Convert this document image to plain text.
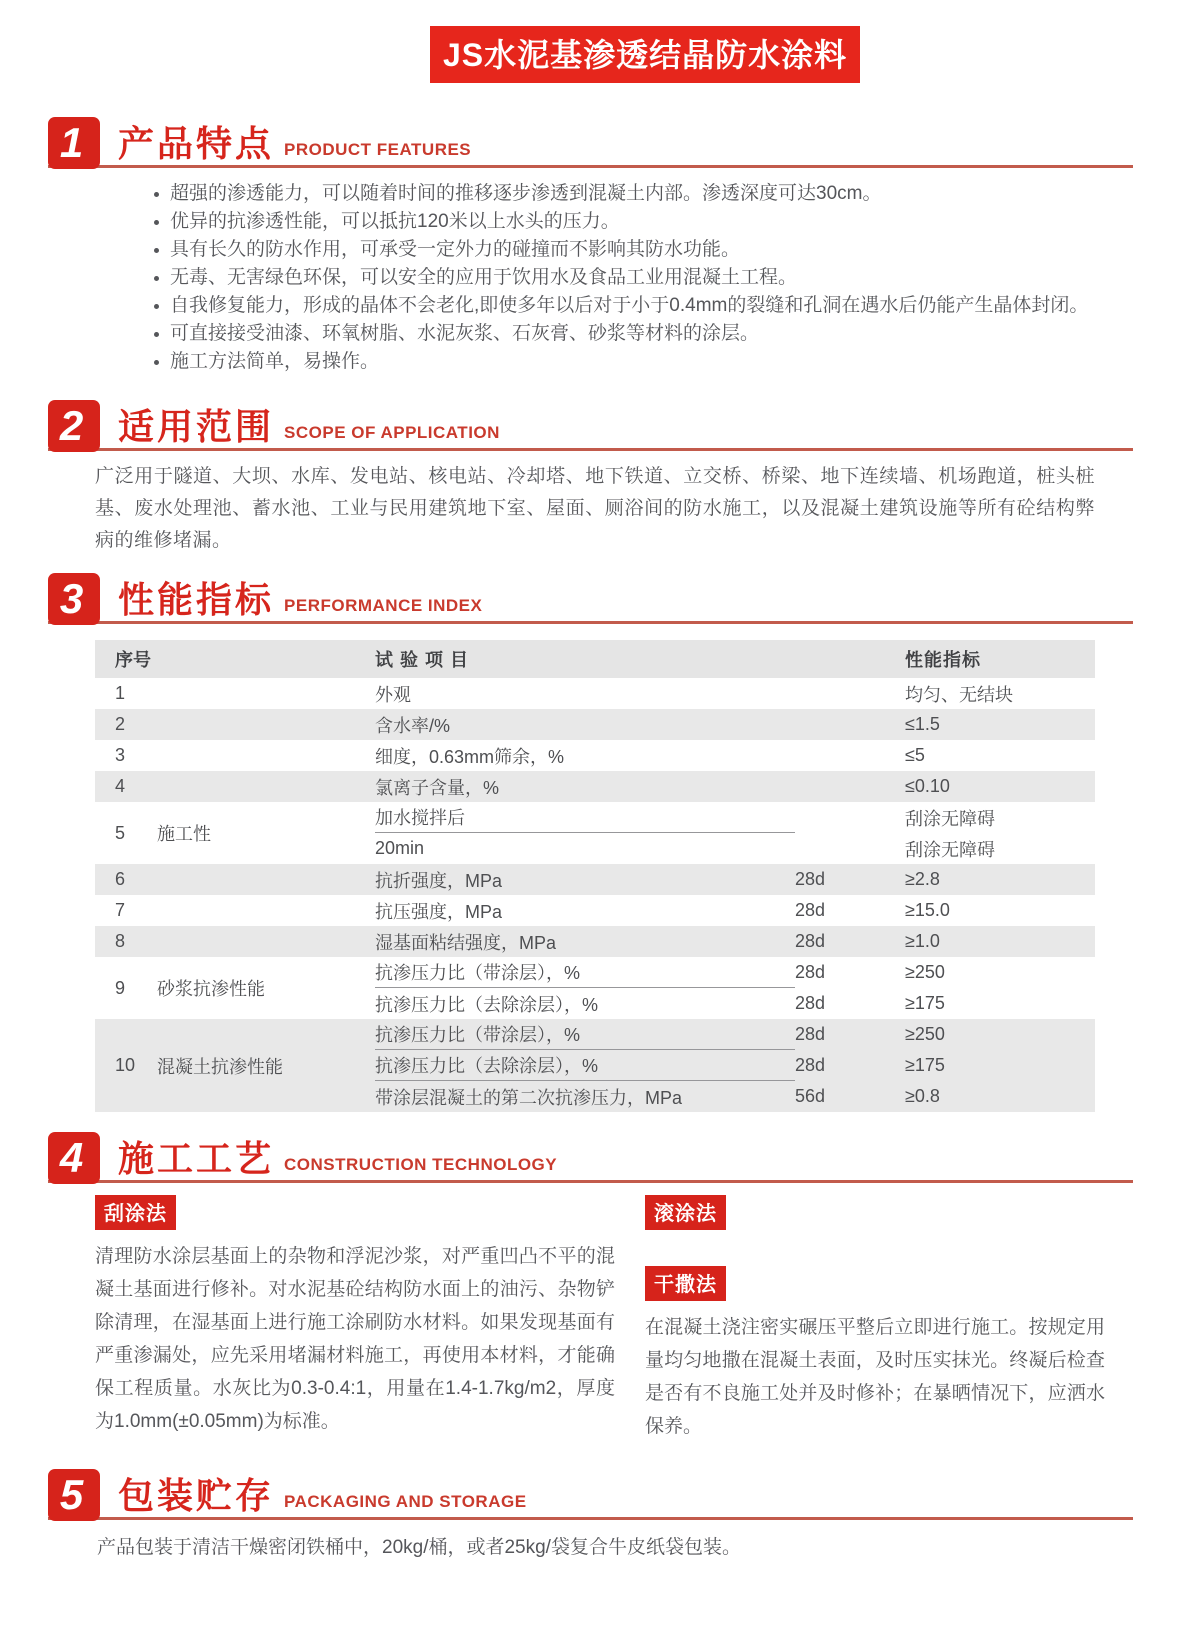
JS水泥基渗透结晶防水涂料
1 产品特点 PRODUCT FEATURES
超强的渗透能力，可以随着时间的推移逐步渗透到混凝土内部。渗透深度可达30cm。
优异的抗渗透性能，可以抵抗120米以上水头的压力。
具有长久的防水作用，可承受一定外力的碰撞而不影响其防水功能。
无毒、无害绿色环保，可以安全的应用于饮用水及食品工业用混凝土工程。
自我修复能力，形成的晶体不会老化,即使多年以后对于小于0.4mm的裂缝和孔洞在遇水后仍能产生晶体封闭。
可直接接受油漆、环氧树脂、水泥灰浆、石灰膏、砂浆等材料的涂层。
施工方法简单，易操作。
2 适用范围 SCOPE OF APPLICATION

广泛用于隧道、大坝、水库、发电站、核电站、冷却塔、地下铁道、立交桥、桥梁、地下连续墙、机场跑道，桩头桩基、废水处理池、蓄水池、工业与民用建筑地下室、屋面、厕浴间的防水施工，以及混凝土建筑设施等所有砼结构弊病的维修堵漏。

3 性能指标 PERFORMANCE INDEX
序号	试验项目	性能指标
1	外观	均匀、无结块
2	含水率/%	≤1.5
3	细度，0.63mm筛余，%	≤5
4	氯离子含量，%	≤0.10
5	施工性
加水搅拌后	刮涂无障碍
20min	刮涂无障碍
6	抗折强度，MPa	28d	≥2.8
7	抗压强度，MPa	28d	≥15.0
8	湿基面粘结强度，MPa	28d	≥1.0
9	砂浆抗渗性能
抗渗压力比（带涂层），%	28d	≥250
抗渗压力比（去除涂层），%	28d	≥175
10	混凝土抗渗性能
抗渗压力比（带涂层），%	28d	≥250
抗渗压力比（去除涂层），%	28d	≥175
带涂层混凝土的第二次抗渗压力，MPa	56d	≥0.8
4 施工工艺 CONSTRUCTION TECHNOLOGY
刮涂法

清理防水涂层基面上的杂物和浮泥沙浆，对严重凹凸不平的混凝土基面进行修补。对水泥基砼结构防水面上的油污、杂物铲除清理，在湿基面上进行施工涂刷防水材料。如果发现基面有严重渗漏处，应先采用堵漏材料施工，再使用本材料，才能确保工程质量。水灰比为0.3-0.4:1，用量在1.4-1.7kg/m2，厚度为1.0mm(±0.05mm)为标准。

滚涂法
干撒法

在混凝土浇注密实碾压平整后立即进行施工。按规定用量均匀地撒在混凝土表面，及时压实抹光。终凝后检查是否有不良施工处并及时修补；在暴晒情况下，应洒水保养。

5 包装贮存 PACKAGING AND STORAGE

产品包装于清洁干燥密闭铁桶中，20kg/桶，或者25kg/袋复合牛皮纸袋包装。
